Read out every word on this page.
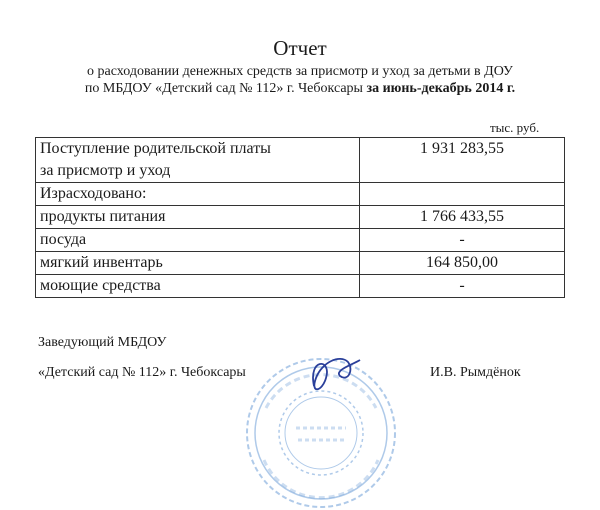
Отчет
о расходовании денежных средств за присмотр и уход за детьми в ДОУ
по МБДОУ «Детский сад № 112» г. Чебоксары за июнь-декабрь 2014 г.
тыс. руб.
Поступление родительской платы
за присмотр и уход	1 931 283,55
Израсходовано:	
продукты питания	1 766 433,55
посуда	-
мягкий инвентарь	164 850,00
моющие средства	-
Заведующий МБДОУ
«Детский сад № 112» г. Чебоксары	И.В. Рымдёнок
